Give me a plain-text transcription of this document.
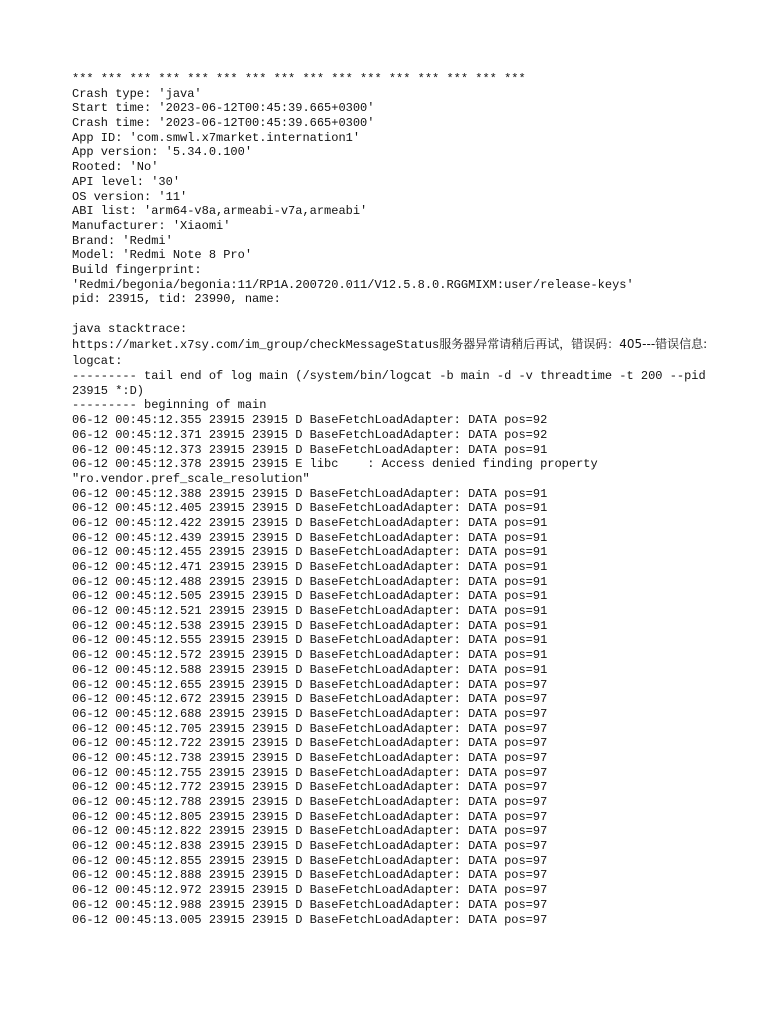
*** *** *** *** *** *** *** *** *** *** *** *** *** *** *** ***
Crash type: 'java'
Start time: '2023-06-12T00:45:39.665+0300'
Crash time: '2023-06-12T00:45:39.665+0300'
App ID: 'com.smwl.x7market.internation1'
App version: '5.34.0.100'
Rooted: 'No'
API level: '30'
OS version: '11'
ABI list: 'arm64-v8a,armeabi-v7a,armeabi'
Manufacturer: 'Xiaomi'
Brand: 'Redmi'
Model: 'Redmi Note 8 Pro'
Build fingerprint:
'Redmi/begonia/begonia:11/RP1A.200720.011/V12.5.8.0.RGGMIXM:user/release-keys'
pid: 23915, tid: 23990, name:
java stacktrace:
https://market.x7sy.com/im_group/checkMessageStatus服务器异常请稍后再试，错误码：405---错误信息:
logcat:
--------- tail end of log main (/system/bin/logcat -b main -d -v threadtime -t 200 --pid 23915 *:D)
--------- beginning of main
06-12 00:45:12.355 23915 23915 D BaseFetchLoadAdapter: DATA pos=92
06-12 00:45:12.371 23915 23915 D BaseFetchLoadAdapter: DATA pos=92
06-12 00:45:12.373 23915 23915 D BaseFetchLoadAdapter: DATA pos=91
06-12 00:45:12.378 23915 23915 E libc    : Access denied finding property
"ro.vendor.pref_scale_resolution"
06-12 00:45:12.388 23915 23915 D BaseFetchLoadAdapter: DATA pos=91
06-12 00:45:12.405 23915 23915 D BaseFetchLoadAdapter: DATA pos=91
06-12 00:45:12.422 23915 23915 D BaseFetchLoadAdapter: DATA pos=91
06-12 00:45:12.439 23915 23915 D BaseFetchLoadAdapter: DATA pos=91
06-12 00:45:12.455 23915 23915 D BaseFetchLoadAdapter: DATA pos=91
06-12 00:45:12.471 23915 23915 D BaseFetchLoadAdapter: DATA pos=91
06-12 00:45:12.488 23915 23915 D BaseFetchLoadAdapter: DATA pos=91
06-12 00:45:12.505 23915 23915 D BaseFetchLoadAdapter: DATA pos=91
06-12 00:45:12.521 23915 23915 D BaseFetchLoadAdapter: DATA pos=91
06-12 00:45:12.538 23915 23915 D BaseFetchLoadAdapter: DATA pos=91
06-12 00:45:12.555 23915 23915 D BaseFetchLoadAdapter: DATA pos=91
06-12 00:45:12.572 23915 23915 D BaseFetchLoadAdapter: DATA pos=91
06-12 00:45:12.588 23915 23915 D BaseFetchLoadAdapter: DATA pos=91
06-12 00:45:12.655 23915 23915 D BaseFetchLoadAdapter: DATA pos=97
06-12 00:45:12.672 23915 23915 D BaseFetchLoadAdapter: DATA pos=97
06-12 00:45:12.688 23915 23915 D BaseFetchLoadAdapter: DATA pos=97
06-12 00:45:12.705 23915 23915 D BaseFetchLoadAdapter: DATA pos=97
06-12 00:45:12.722 23915 23915 D BaseFetchLoadAdapter: DATA pos=97
06-12 00:45:12.738 23915 23915 D BaseFetchLoadAdapter: DATA pos=97
06-12 00:45:12.755 23915 23915 D BaseFetchLoadAdapter: DATA pos=97
06-12 00:45:12.772 23915 23915 D BaseFetchLoadAdapter: DATA pos=97
06-12 00:45:12.788 23915 23915 D BaseFetchLoadAdapter: DATA pos=97
06-12 00:45:12.805 23915 23915 D BaseFetchLoadAdapter: DATA pos=97
06-12 00:45:12.822 23915 23915 D BaseFetchLoadAdapter: DATA pos=97
06-12 00:45:12.838 23915 23915 D BaseFetchLoadAdapter: DATA pos=97
06-12 00:45:12.855 23915 23915 D BaseFetchLoadAdapter: DATA pos=97
06-12 00:45:12.888 23915 23915 D BaseFetchLoadAdapter: DATA pos=97
06-12 00:45:12.972 23915 23915 D BaseFetchLoadAdapter: DATA pos=97
06-12 00:45:12.988 23915 23915 D BaseFetchLoadAdapter: DATA pos=97
06-12 00:45:13.005 23915 23915 D BaseFetchLoadAdapter: DATA pos=97
